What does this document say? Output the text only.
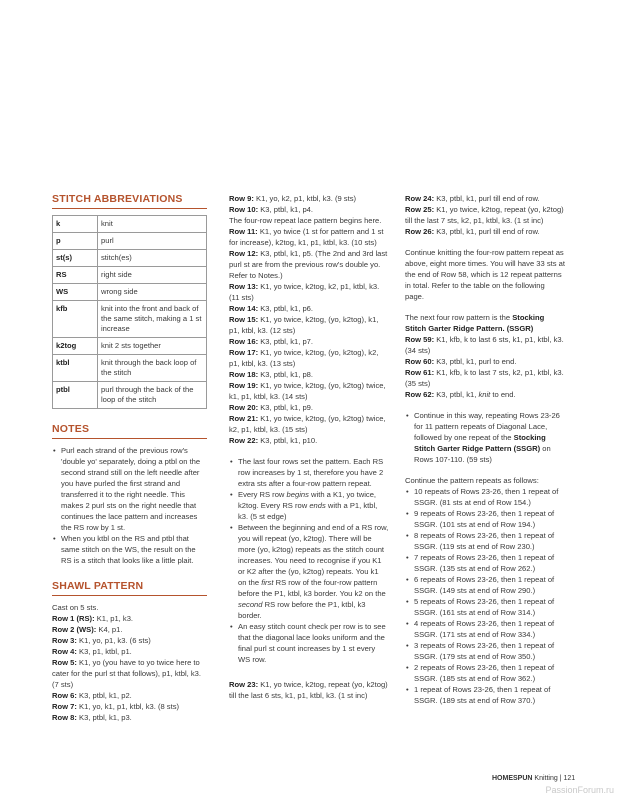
STITCH ABBREVIATIONS
k	knit
p	purl
st(s)	stitch(es)
RS	right side
WS	wrong side
kfb	knit into the front and back of the same stitch, making a 1 st increase
k2tog	knit 2 sts together
ktbl	knit through the back loop of the stitch
ptbl	purl through the back of the loop of the stitch
NOTES
• Purl each strand of the previous row's 'double yo' separately, doing a ptbl on the second strand still on the left needle after you have purled the first strand and transferred it to the right needle. This makes 2 purl sts on the right needle that continues the lace pattern and increases the RS row by 1 st.
• When you ktbl on the RS and ptbl that same stitch on the WS, the result on the RS is a stitch that looks like a little plait.
SHAWL PATTERN

Cast on 5 sts.

Row 1 (RS): K1, p1, k3.

Row 2 (WS): K4, p1.

Row 3: K1, yo, p1, k3. (6 sts)

Row 4: K3, p1, ktbl, p1.

Row 5: K1, yo (you have to yo twice here to cater for the purl st that follows), p1, ktbl, k3. (7 sts)

Row 6: K3, ptbl, k1, p2.

Row 7: K1, yo, k1, p1, ktbl, k3. (8 sts)

Row 8: K3, ptbl, k1, p3.

Row 9: K1, yo, k2, p1, ktbl, k3. (9 sts)

Row 10: K3, ptbl, k1, p4.

The four-row repeat lace pattern begins here.

Row 11: K1, yo twice (1 st for pattern and 1 st for increase), k2tog, k1, p1, ktbl, k3. (10 sts)

Row 12: K3, ptbl, k1, p5. (The 2nd and 3rd last purl st are from the previous row's double yo. Refer to Notes.)

Row 13: K1, yo twice, k2tog, k2, p1, ktbl, k3. (11 sts)

Row 14: K3, ptbl, k1, p6.

Row 15: K1, yo twice, k2tog, (yo, k2tog), k1, p1, ktbl, k3. (12 sts)

Row 16: K3, ptbl, k1, p7.

Row 17: K1, yo twice, k2tog, (yo, k2tog), k2, p1, ktbl, k3. (13 sts)

Row 18: K3, ptbl, k1, p8.

Row 19: K1, yo twice, k2tog, (yo, k2tog) twice, k1, p1, ktbl, k3. (14 sts)

Row 20: K3, ptbl, k1, p9.

Row 21: K1, yo twice, k2tog, (yo, k2tog) twice, k2, p1, ktbl, k3. (15 sts)

Row 22: K3, ptbl, k1, p10.

• The last four rows set the pattern. Each RS row increases by 1 st, therefore you have 2 extra sts after a four-row pattern repeat.
• Every RS row begins with a K1, yo twice, k2tog. Every RS row ends with a P1, ktbl, k3. (5 st edge)
• Between the beginning and end of a RS row, you will repeat (yo, k2tog). There will be more (yo, k2tog) repeats as the stitch count increases. You need to recognise if you K1 or K2 after the (yo, k2tog) repeats. You k1 on the first RS row of the four-row pattern before the P1, ktbl, k3 border. You k2 on the second RS row before the P1, ktbl, k3 border.
• An easy stitch count check per row is to see that the diagonal lace looks uniform and the final purl st count increases by 1 st every WS row.

Row 23: K1, yo twice, k2tog, repeat (yo, k2tog) till the last 6 sts, k1, p1, ktbl, k3. (1 st inc)

Row 24: K3, ptbl, k1, purl till end of row.

Row 25: K1, yo twice, k2tog, repeat (yo, k2tog) till the last 7 sts, k2, p1, ktbl, k3. (1 st inc)

Row 26: K3, ptbl, k1, purl till end of row.

Continue knitting the four-row pattern repeat as above, eight more times. You will have 33 sts at the end of Row 58, which is 12 repeat patterns in total. Refer to the table on the following page.

The next four row pattern is the Stocking Stitch Garter Ridge Pattern. (SSGR)

Row 59: K1, kfb, k to last 6 sts, k1, p1, ktbl, k3. (34 sts)

Row 60: K3, ptbl, k1, purl to end.

Row 61: K1, kfb, k to last 7 sts, k2, p1, ktbl, k3. (35 sts)

Row 62: K3, ptbl, k1, knit to end.

• Continue in this way, repeating Rows 23-26 for 11 pattern repeats of Diagonal Lace, followed by one repeat of the Stocking Stitch Garter Ridge Pattern (SSGR) on Rows 107-110. (59 sts)

Continue the pattern repeats as follows:

• 10 repeats of Rows 23-26, then 1 repeat of SSGR. (81 sts at end of Row 154.)
• 9 repeats of Rows 23-26, then 1 repeat of SSGR. (101 sts at end of Row 194.)
• 8 repeats of Rows 23-26, then 1 repeat of SSGR. (119 sts at end of Row 230.)
• 7 repeats of Rows 23-26, then 1 repeat of SSGR. (135 sts at end of Row 262.)
• 6 repeats of Rows 23-26, then 1 repeat of SSGR. (149 sts at end of Row 290.)
• 5 repeats of Rows 23-26, then 1 repeat of SSGR. (161 sts at end of Row 314.)
• 4 repeats of Rows 23-26, then 1 repeat of SSGR. (171 sts at end of Row 334.)
• 3 repeats of Rows 23-26, then 1 repeat of SSGR. (179 sts at end of Row 350.)
• 2 repeats of Rows 23-26, then 1 repeat of SSGR. (185 sts at end of Row 362.)
• 1 repeat of Rows 23-26, then 1 repeat of SSGR. (189 sts at end of Row 370.)
HOMESPUN Knitting | 121
PassionForum.ru
